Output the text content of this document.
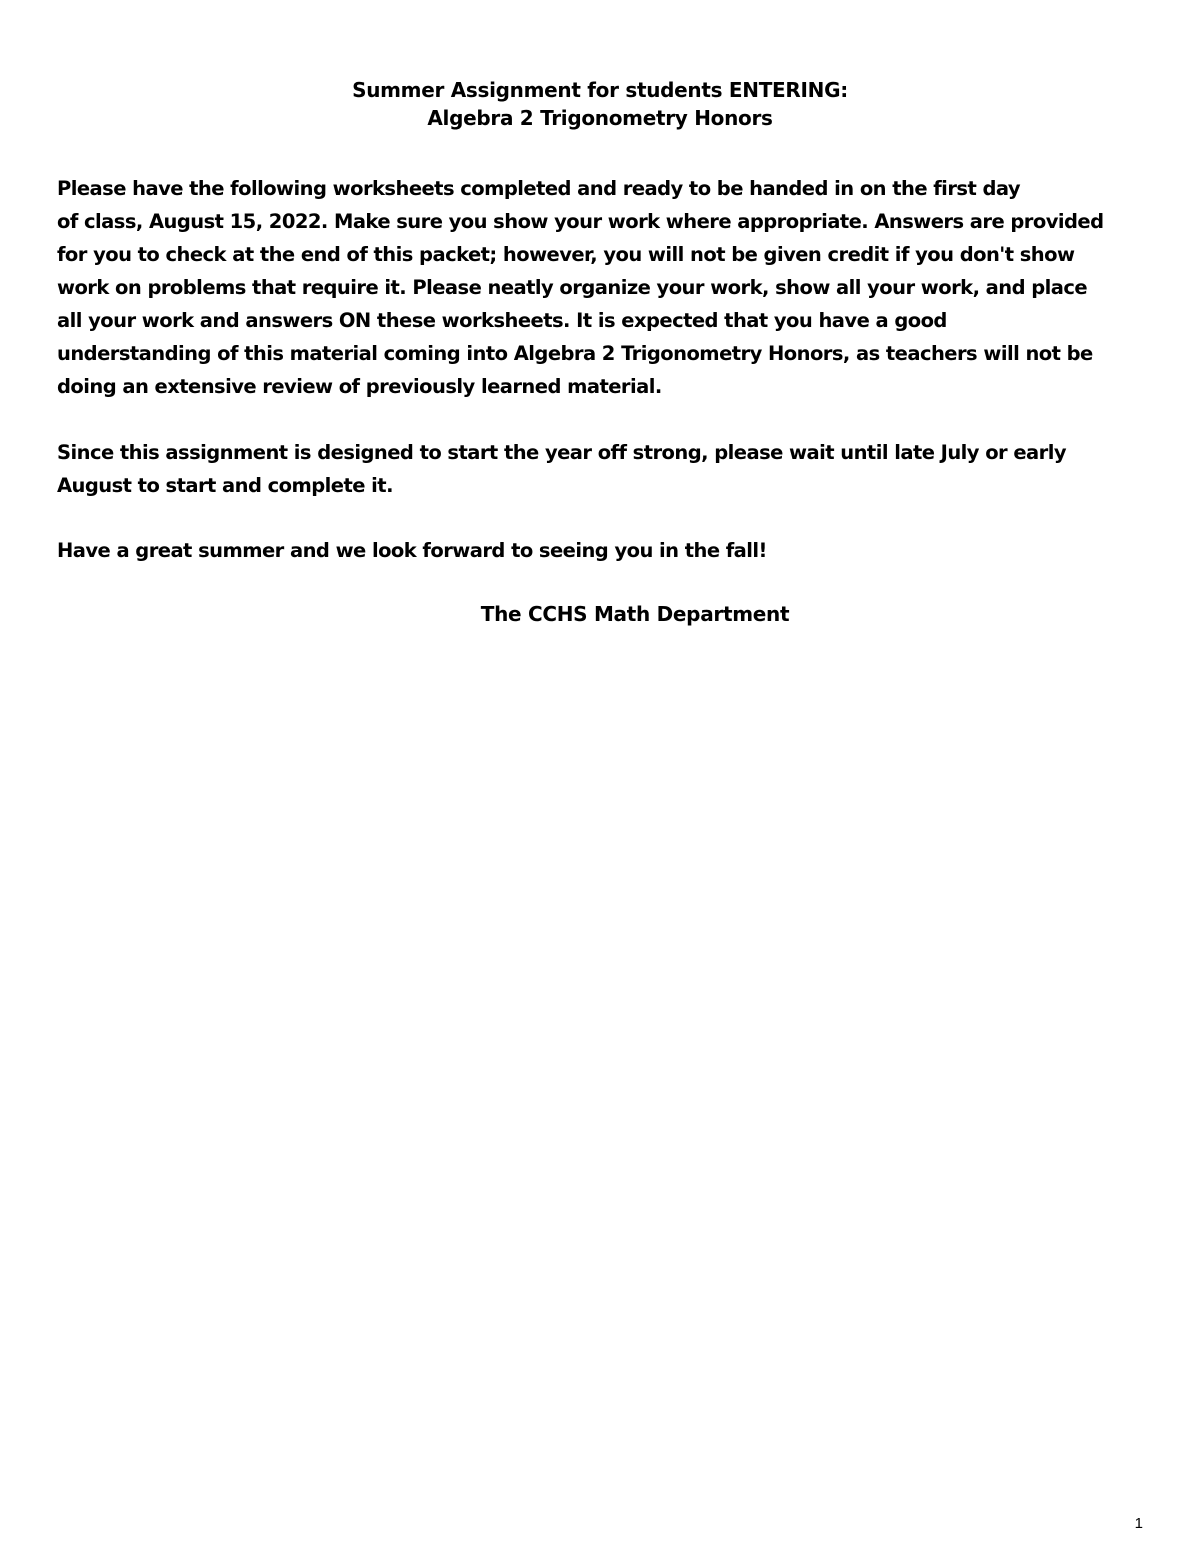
Summer Assignment for students ENTERING:
Algebra 2 Trigonometry Honors
Please have the following worksheets completed and ready to be handed in on the first day
of class, August 15, 2022. Make sure you show your work where appropriate. Answers are provided
for you to check at the end of this packet; however, you will not be given credit if you don't show
work on problems that require it. Please neatly organize your work, show all your work, and place
all your work and answers ON these worksheets. It is expected that you have a good
understanding of this material coming into Algebra 2 Trigonometry Honors, as teachers will not be
doing an extensive review of previously learned material.
Since this assignment is designed to start the year off strong, please wait until late July or early
August to start and complete it.
Have a great summer and we look forward to seeing you in the fall!
The CCHS Math Department
1
